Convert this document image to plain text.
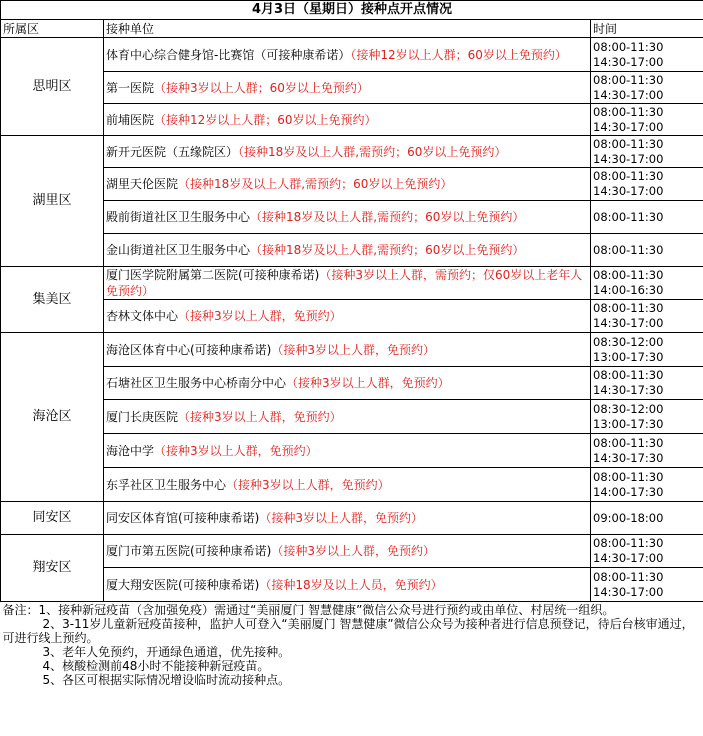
4月3日（星期日）接种点开点情况		
所属区	接种单位	时间
思明区	体育中心综合健身馆-比赛馆（可接种康希诺）（接种12岁以上人群；60岁以上免预约）	08:00-11:30
14:30-17:00

	第一医院（接种3岁以上人群；60岁以上免预约）	08:00-11:30
14:30-17:00

	前埔医院（接种12岁以上人群；60岁以上免预约）	08:00-11:30
14:30-17:00

湖里区	新开元医院（五缘院区）（接种18岁及以上人群,需预约；60岁以上免预约）	08:00-11:30
14:30-17:00

	湖里天伦医院（接种18岁及以上人群,需预约；60岁以上免预约）	08:00-11:30
14:30-17:00

	殿前街道社区卫生服务中心（接种18岁及以上人群,需预约；60岁以上免预约）	08:00-11:30

	金山街道社区卫生服务中心（接种18岁及以上人群,需预约；60岁以上免预约）	08:00-11:30

集美区	厦门医学院附属第二医院(可接种康希诺)（接种3岁以上人群，需预约；仅60岁以上老年人免预约）	08:00-11:30
14:00-16:30

	杏林文体中心（接种3岁以上人群，免预约）	08:00-11:30
14:30-17:00

海沧区	海沧区体育中心(可接种康希诺)（接种3岁以上人群，免预约）	08:30-12:00
13:00-17:30

	石塘社区卫生服务中心桥南分中心（接种3岁以上人群，免预约）	08:00-11:30
14:30-17:30

	厦门长庚医院（接种3岁以上人群，免预约）	08:30-12:00
13:00-17:30

	海沧中学（接种3岁以上人群，免预约）	08:00-11:30
14:30-17:30

	东孚社区卫生服务中心（接种3岁以上人群，免预约）	08:00-11:30
14:00-17:30

同安区	同安区体育馆(可接种康希诺)（接种3岁以上人群，免预约）	09:00-18:00

翔安区	厦门市第五医院(可接种康希诺)（接种3岁以上人群，免预约）	08:00-11:30
14:30-17:00

	厦大翔安医院(可接种康希诺)（接种18岁及以上人员，免预约）	08:00-11:30
14:30-17:00

备注：1、接种新冠疫苗（含加强免疫）需通过“美丽厦门 智慧健康”微信公众号进行预约或由单位、村居统一组织。

2、3-11岁儿童新冠疫苗接种，监护人可登入“美丽厦门 智慧健康”微信公众号为接种者进行信息预登记，待后台核审通过，可进行线上预约。

3、老年人免预约，开通绿色通道，优先接种。

4、核酸检测前48小时不能接种新冠疫苗。

5、各区可根据实际情况增设临时流动接种点。		
